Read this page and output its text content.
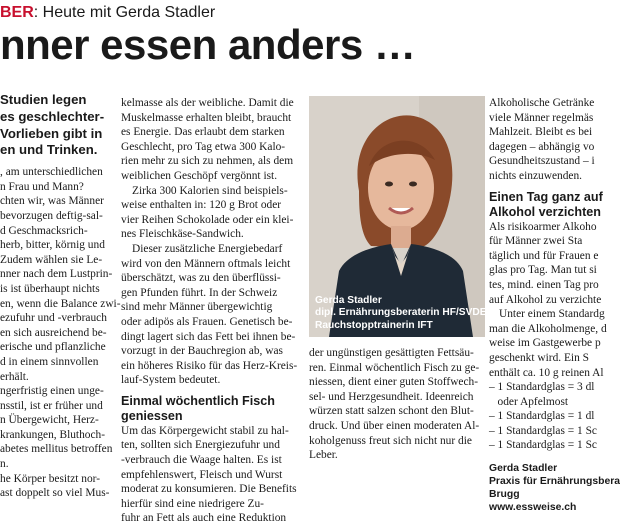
BER: Heute mit Gerda Stadler
nner essen anders …
Studien legen
es geschlechter-
Vorlieben gibt in
en und Trinken.
, am unterschiedlichen
n Frau und Mann?
chten wir, was Männer
bevorzugen deftig-sal-
d Geschmacksrich-
herb, bitter, körnig und
Zudem wählen sie Le-
nner nach dem Lustprin-
is ist überhaupt nichts
en, wenn die Balance zwi-
ezufuhr und -verbrauch
en sich ausreichend be-
erische und pflanzliche
d in einem sinnvollen
erhält.
ngerfristig einen unge-
nsstil, ist er früher und
n Übergewicht, Herz-
krankungen, Bluthoch-
abetes mellitus betroffen
n.
he Körper besitzt nor-
ast doppelt so viel Mus-
kelmasse als der weibliche. Damit die
Muskelmasse erhalten bleibt, braucht
es Energie. Das erlaubt dem starken
Geschlecht, pro Tag etwa 300 Kalo-
rien mehr zu sich zu nehmen, als dem
weiblichen Geschöpf vergönnt ist.
Zirka 300 Kalorien sind beispiels-
weise enthalten in: 120 g Brot oder
vier Reihen Schokolade oder ein klei-
nes Fleischkäse-Sandwich.
Dieser zusätzliche Energiebedarf
wird von den Männern oftmals leicht
überschätzt, was zu den überflüssi-
gen Pfunden führt. In der Schweiz
sind mehr Männer übergewichtig
oder adipös als Frauen. Genetisch be-
dingt lagert sich das Fett bei ihnen be-
vorzugt in der Bauchregion ab, was
ein höheres Risiko für das Herz-Kreis-
lauf-System bedeutet.
Einmal wöchentlich Fisch
geniessen
Um das Körpergewicht stabil zu hal-
ten, sollten sich Energiezufuhr und
-verbrauch die Waage halten. Es ist
empfehlenswert, Fleisch und Wurst
moderat zu konsumieren. Die Benefits
hierfür sind eine niedrigere Zu-
fuhr an Fett als auch eine Reduktion
Gerda Stadler
dipl. Ernährungsberaterin HF/SVDE
Rauchstopptrainerin IFT
der ungünstigen gesättigten Fettsäu-
ren. Einmal wöchentlich Fisch zu ge-
niessen, dient einer guten Stoffwech-
sel- und Herzgesundheit. Ideenreich
würzen statt salzen schont den Blut-
druck. Und über einen moderaten Al-
koholgenuss freut sich nicht nur die
Leber.
Alkoholische Getränke
viele Männer regelmäs
Mahlzeit. Bleibt es bei
dagegen – abhängig vo
Gesundheitszustand – i
nichts einzuwenden.
Einen Tag ganz auf
Alkohol verzichten
Als risikoarmer Alkoho
für Männer zwei Sta
täglich und für Frauen e
glas pro Tag. Man tut si
tes, mind. einen Tag pro
auf Alkohol zu verzichte
Unter einem Standardg
man die Alkoholmenge, d
weise im Gastgewerbe p
geschenkt wird. Ein S
enthält ca. 10 g reinen Al
– 1 Standardglas = 3 dl
oder Apfelmost
– 1 Standardglas = 1 dl
– 1 Standardglas = 1 Sc
– 1 Standardglas = 1 Sc
Gerda Stadler
Praxis für Ernährungsbera
Brugg
www.essweise.ch
